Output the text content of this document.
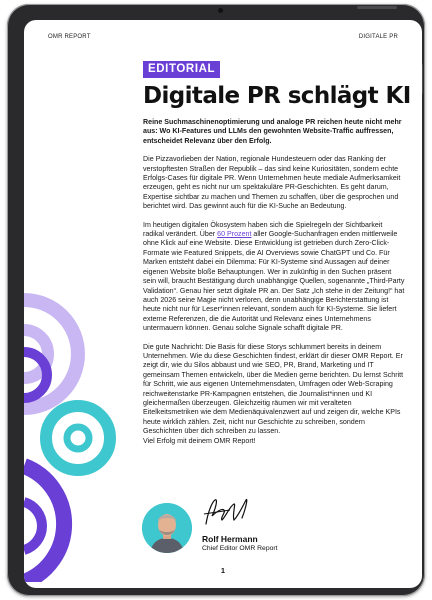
OMR REPORT	DIGITALE PR
EDITORIAL
Digitale PR schlägt KI

Reine Suchmaschinenoptimierung und analoge PR reichen heute nicht mehr aus: Wo KI-Features und LLMs den gewohnten Website-Traffic auffressen, entscheidet Relevanz über den Erfolg.

Die Pizzavorlieben der Nation, regionale Hundesteuern oder das Ranking der verstopftesten Straßen der Republik – das sind keine Kuriositäten, sondern echte Erfolgs-Cases für digitale PR. Wenn Unternehmen heute mediale Aufmerksamkeit erzeugen, geht es nicht nur um spektakuläre PR-Geschichten. Es geht darum, Expertise sichtbar zu machen und Themen zu schaffen, über die gesprochen und berichtet wird. Das gewinnt auch für die KI-Suche an Bedeutung.

Im heutigen digitalen Ökosystem haben sich die Spielregeln der Sichtbarkeit radikal verändert. Über 60 Prozent aller Google-Suchanfragen enden mittlerweile ohne Klick auf eine Website. Diese Entwicklung ist getrieben durch Zero-Click-Formate wie Featured Snippets, die AI Overviews sowie ChatGPT und Co. Für Marken entsteht dabei ein Dilemma: Für KI-Systeme sind Aussagen auf deiner eigenen Website bloße Behauptungen. Wer in zukünftig in den Suchen präsent sein will, braucht Bestätigung durch unabhängige Quellen, sogenannte „Third-Party Validation“. Genau hier setzt digitale PR an. Der Satz „Ich stehe in der Zeitung!“ hat auch 2026 seine Magie nicht verloren, denn unabhängige Berichterstattung ist heute nicht nur für Leser*innen relevant, sondern auch für KI-Systeme. Sie liefert externe Referenzen, die die Autorität und Relevanz eines Unternehmens untermauern können. Genau solche Signale schafft digitale PR.

Die gute Nachricht: Die Basis für diese Storys schlummert bereits in deinem Unternehmen. Wie du diese Geschichten findest, erklärt dir dieser OMR Report. Er zeigt dir, wie du Silos abbaust und wie SEO, PR, Brand, Marketing und IT gemeinsam Themen entwickeln, über die Medien gerne berichten. Du lernst Schritt für Schritt, wie aus eigenen Unternehmensdaten, Umfragen oder Web-Scraping reichweitenstarke PR-Kampagnen entstehen, die Journalist*innen und KI gleichermaßen überzeugen. Gleichzeitig räumen wir mit veralteten Eitelkeitsmetriken wie dem Medienäquivalenzwert auf und zeigen dir, welche KPIs heute wirklich zählen. Zeit, nicht nur Geschichte zu schreiben, sondern Geschichten über dich schreiben zu lassen.
Viel Erfolg mit deinem OMR Report!

Rolf Hermann
Chief Editor OMR Report
1
